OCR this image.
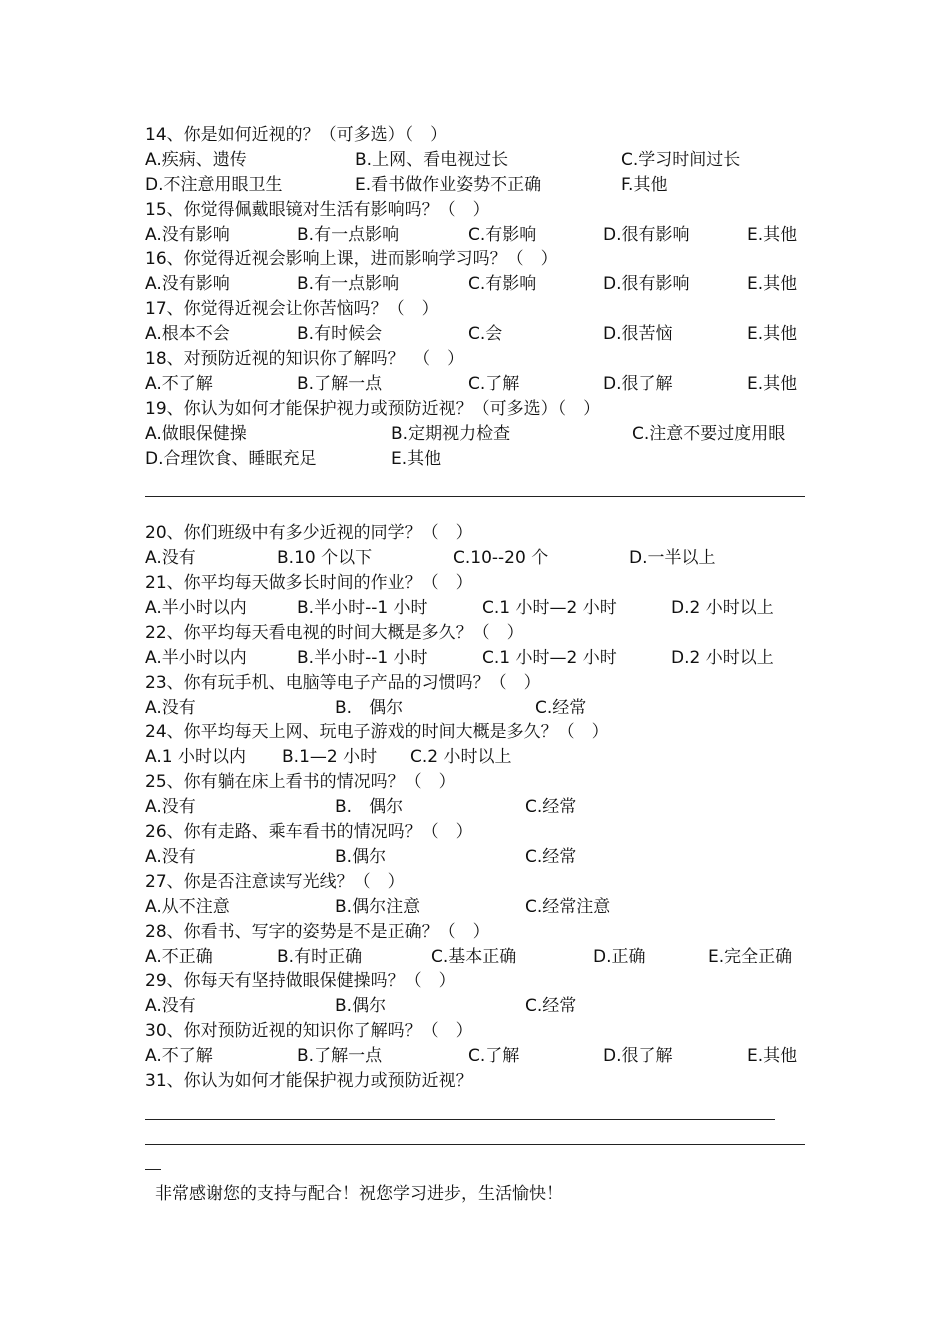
14、你是如何近视的？（可多选）（　）
A.疾病、遗传	B.上网、看电视过长	C.学习时间过长
D.不注意用眼卫生	E.看书做作业姿势不正确	F.其他
15、你觉得佩戴眼镜对生活有影响吗？（　）
A.没有影响	B.有一点影响	C.有影响	D.很有影响	E.其他
16、你觉得近视会影响上课，进而影响学习吗？（　）
A.没有影响	B.有一点影响	C.有影响	D.很有影响	E.其他
17、你觉得近视会让你苦恼吗？（　）
A.根本不会	B.有时候会	C.会	D.很苦恼	E.其他
18、对预防近视的知识你了解吗？　（　）
A.不了解	B.了解一点	C.了解	D.很了解	E.其他
19、你认为如何才能保护视力或预防近视？（可多选）（　）
A.做眼保健操	B.定期视力检查	C.注意不要过度用眼
D.合理饮食、睡眠充足	E.其他
20、你们班级中有多少近视的同学？（　）
A.没有	B.10 个以下	C.10--20 个	D.一半以上
21、你平均每天做多长时间的作业？（　）
A.半小时以内	B.半小时--1 小时	C.1 小时—2 小时	D.2 小时以上
22、你平均每天看电视的时间大概是多久？（　）
A.半小时以内	B.半小时--1 小时	C.1 小时—2 小时	D.2 小时以上
23、你有玩手机、电脑等电子产品的习惯吗？（　）
A.没有	B.　偶尔	C.经常
24、你平均每天上网、玩电子游戏的时间大概是多久？（　）
A.1 小时以内 B.1—2 小时 C.2 小时以上
25、你有躺在床上看书的情况吗？（　）
A.没有	B.　偶尔	C.经常
26、你有走路、乘车看书的情况吗？（　）
A.没有	B.偶尔	C.经常
27、你是否注意读写光线？（　）
A.从不注意	B.偶尔注意	C.经常注意
28、你看书、写字的姿势是不是正确？（　）
A.不正确	B.有时正确	C.基本正确	D.正确	E.完全正确
29、你每天有坚持做眼保健操吗？（　）
A.没有	B.偶尔	C.经常
30、你对预防近视的知识你了解吗？（　）
A.不了解	B.了解一点	C.了解	D.很了解	E.其他
31、你认为如何才能保护视力或预防近视？
非常感谢您的支持与配合！祝您学习进步，生活愉快！
